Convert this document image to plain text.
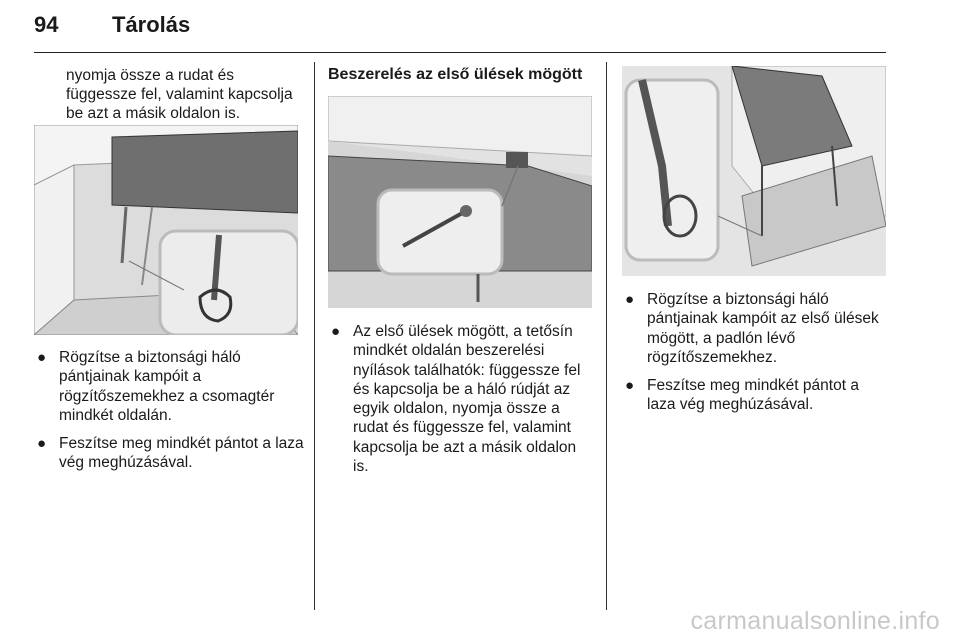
94 Tárolás
nyomja össze a rudat és függessze fel, valamint kapcsolja be azt a másik oldalon is.
● Rögzítse a biztonsági háló pántjainak kampóit a rögzítőszemekhez a csomagtér mindkét oldalán.
● Feszítse meg mindkét pántot a laza vég meghúzásával.
Beszerelés az első ülések mögött
● Az első ülések mögött, a tetősín mindkét oldalán beszerelési nyílások találhatók: függessze fel és kapcsolja be a háló rúdját az egyik oldalon, nyomja össze a rudat és függessze fel, valamint kapcsolja be azt a másik oldalon is.
● Rögzítse a biztonsági háló pántjainak kampóit az első ülések mögött, a padlón lévő rögzítőszemekhez.
● Feszítse meg mindkét pántot a laza vég meghúzásával.
carmanualsonline.info
